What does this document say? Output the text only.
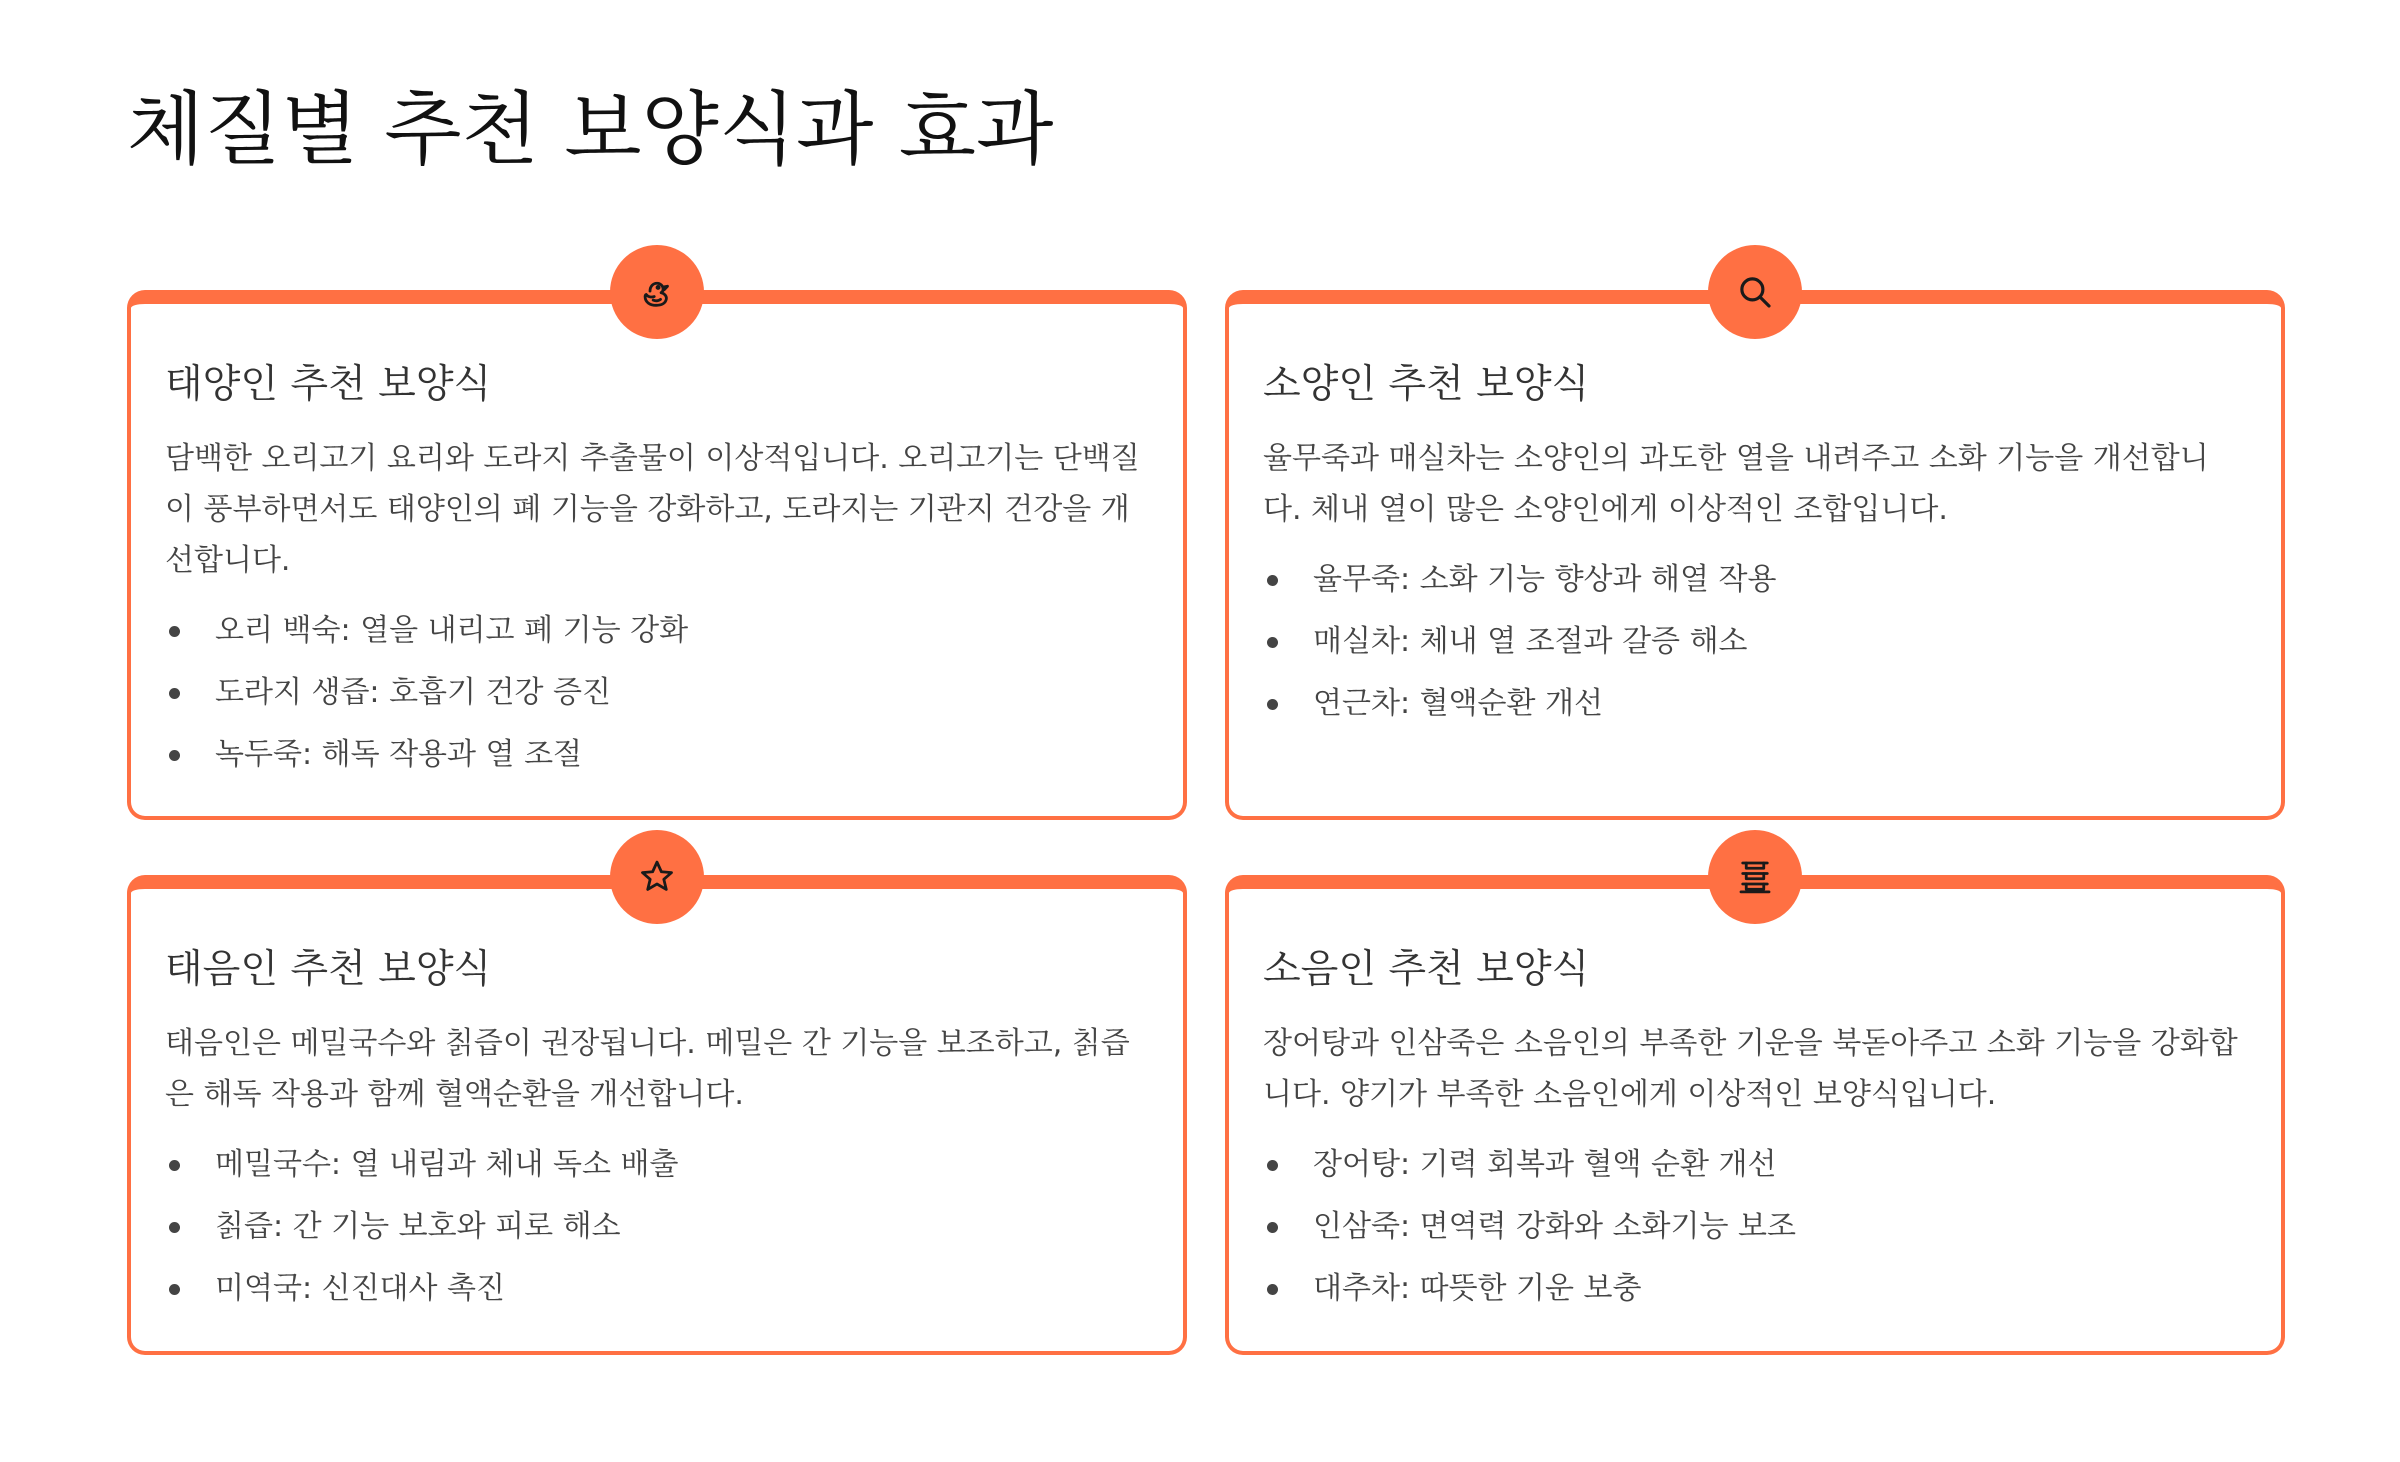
체질별 추천 보양식과 효과
태양인 추천 보양식

담백한 오리고기 요리와 도라지 추출물이 이상적입니다. 오리고기는 단백질이 풍부하면서도 태양인의 폐 기능을 강화하고, 도라지는 기관지 건강을 개선합니다.

오리 백숙: 열을 내리고 폐 기능 강화
도라지 생즙: 호흡기 건강 증진
녹두죽: 해독 작용과 열 조절
소양인 추천 보양식

율무죽과 매실차는 소양인의 과도한 열을 내려주고 소화 기능을 개선합니다. 체내 열이 많은 소양인에게 이상적인 조합입니다.

율무죽: 소화 기능 향상과 해열 작용
매실차: 체내 열 조절과 갈증 해소
연근차: 혈액순환 개선
태음인 추천 보양식

태음인은 메밀국수와 칡즙이 권장됩니다. 메밀은 간 기능을 보조하고, 칡즙은 해독 작용과 함께 혈액순환을 개선합니다.

메밀국수: 열 내림과 체내 독소 배출
칡즙: 간 기능 보호와 피로 해소
미역국: 신진대사 촉진
소음인 추천 보양식

장어탕과 인삼죽은 소음인의 부족한 기운을 북돋아주고 소화 기능을 강화합니다. 양기가 부족한 소음인에게 이상적인 보양식입니다.

장어탕: 기력 회복과 혈액 순환 개선
인삼죽: 면역력 강화와 소화기능 보조
대추차: 따뜻한 기운 보충
